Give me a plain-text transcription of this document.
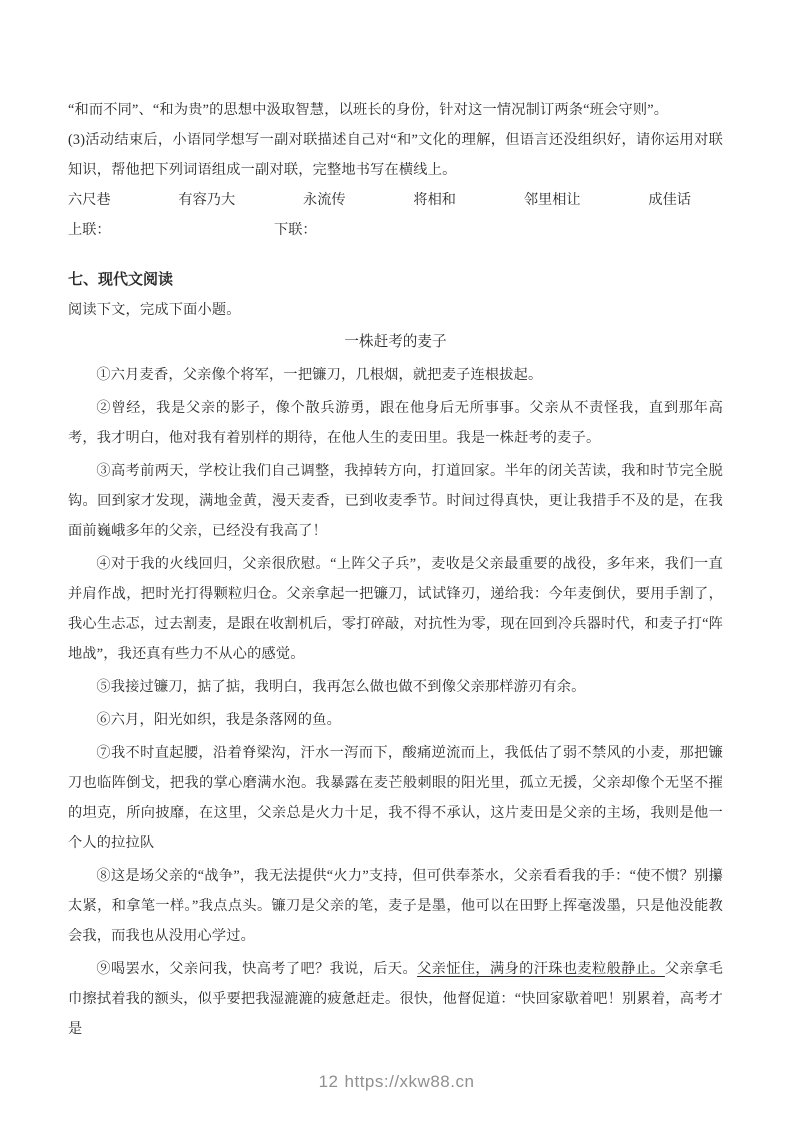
“和而不同”、“和为贵”的思想中汲取智慧，以班长的身份，针对这一情况制订两条“班会守则”。

(3)活动结束后，小语同学想写一副对联描述自己对“和”文化的理解，但语言还没组织好，请你运用对联知识，帮他把下列词语组成一副对联，完整地书写在横线上。

六尺巷	有容乃大	永流传	将相和	邻里相让	成佳话
上联：	下联：
七、现代文阅读

阅读下文，完成下面小题。

一株赶考的麦子

①六月麦香，父亲像个将军，一把镰刀，几根烟，就把麦子连根拔起。

②曾经，我是父亲的影子，像个散兵游勇，跟在他身后无所事事。父亲从不责怪我，直到那年高考，我才明白，他对我有着别样的期待，在他人生的麦田里。我是一株赶考的麦子。

③高考前两天，学校让我们自己调整，我掉转方向，打道回家。半年的闭关苦读，我和时节完全脱钩。回到家才发现，满地金黄，漫天麦香，已到收麦季节。时间过得真快，更让我措手不及的是，在我面前巍峨多年的父亲，已经没有我高了！

④对于我的火线回归，父亲很欣慰。“上阵父子兵”，麦收是父亲最重要的战役，多年来，我们一直并肩作战，把时光打得颗粒归仓。父亲拿起一把镰刀，试试锋刃，递给我：今年麦倒伏，要用手割了，我心生忐忑，过去割麦，是跟在收割机后，零打碎敲，对抗性为零，现在回到冷兵器时代，和麦子打“阵地战”，我还真有些力不从心的感觉。

⑤我接过镰刀，掂了掂，我明白，我再怎么做也做不到像父亲那样游刃有余。

⑥六月，阳光如织，我是条落网的鱼。

⑦我不时直起腰，沿着脊梁沟，汗水一泻而下，酸痛逆流而上，我低估了弱不禁风的小麦，那把镰刀也临阵倒戈，把我的掌心磨满水泡。我暴露在麦芒般刺眼的阳光里，孤立无援，父亲却像个无坚不摧的坦克，所向披靡，在这里，父亲总是火力十足，我不得不承认，这片麦田是父亲的主场，我则是他一个人的拉拉队

⑧这是场父亲的“战争”，我无法提供“火力”支持，但可供奉茶水，父亲看看我的手：“使不惯？别攥太紧，和拿笔一样。”我点点头。镰刀是父亲的笔，麦子是墨，他可以在田野上挥毫泼墨，只是他没能教会我，而我也从没用心学过。

⑨喝罢水，父亲问我，快高考了吧？我说，后天。父亲怔住，满身的汗珠也麦粒般静止。父亲拿毛巾擦拭着我的额头，似乎要把我湿漉漉的疲惫赶走。很快，他督促道：“快回家歇着吧！别累着，高考才是

12 https://xkw88.cn
